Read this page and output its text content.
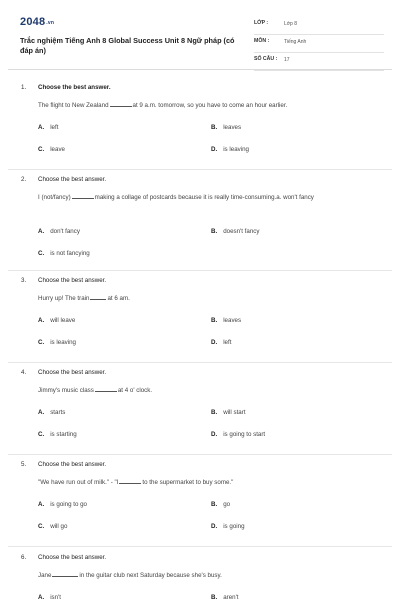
$2048^{.vn}$
Trắc nghiệm Tiếng Anh 8 Global Success Unit 8 Ngữ pháp (có đáp án)
LỚP :	Lớp 8
MÔN :	Tiếng Anh
SỐ CÂU : 17
1. Choose the best answer.
The flight to New Zealand	at 9 a.m. tomorrow, so you have to come an hour earlier.
A. left	B. leaves
C. leave	D. is leaving
2. Choose the best answer.
I (not/fancy)	making a collage of postcards because it is really time-consuming.a. won't fancy
A. don't fancy	B. doesn't fancy
C. is not fancying
3. Choose the best answer.
Hurry up! The train	at 6 am.
A. will leave	B. leaves
C. is leaving	D. left
4. Choose the best answer.
Jimmy's music class	at 4 o' clock.
A. starts	B. will start
C. is starting	D. is going to start
5. Choose the best answer.
"We have run out of milk." - "I	to the supermarket to buy some."
A. is going to go	B. go
C. will go	D. is going
6. Choose the best answer.
Jane	in the guitar club next Saturday because she's busy.
A. isn't	B. aren't
